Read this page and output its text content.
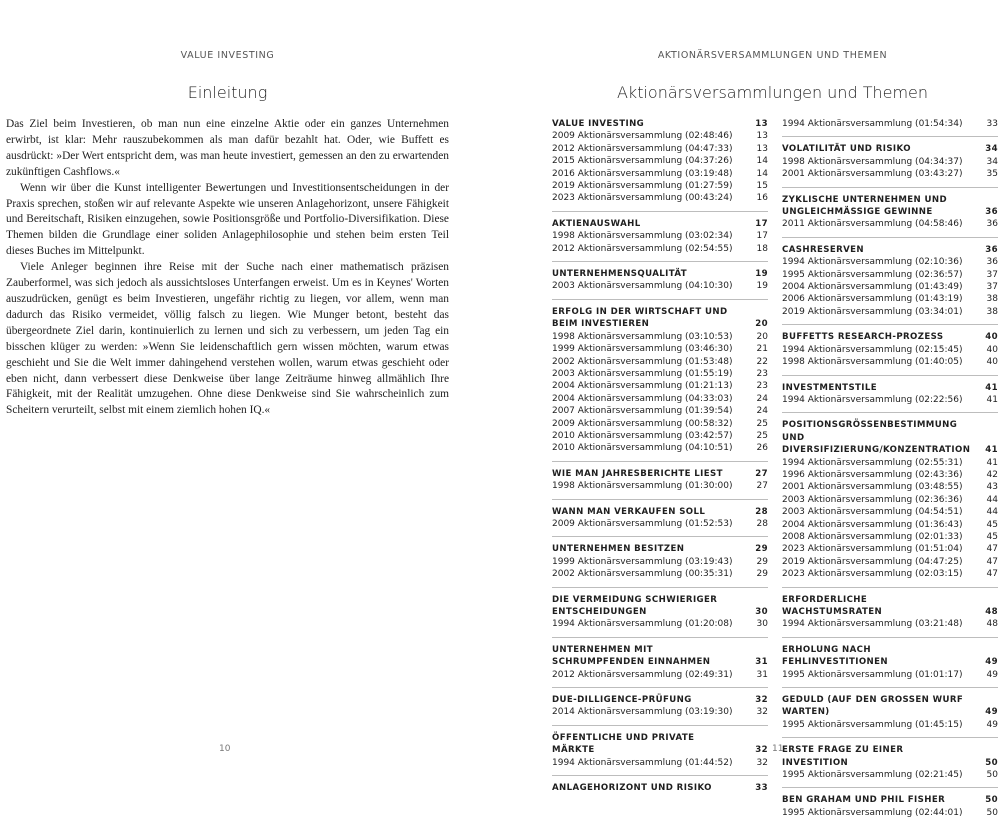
VALUE INVESTING
Einleitung

Das Ziel beim Investieren, ob man nun eine einzelne Aktie oder ein ganzes Unternehmen erwirbt, ist klar: Mehr rauszubekommen als man dafür bezahlt hat. Oder, wie Buffett es ausdrückt: »Der Wert entspricht dem, was man heute investiert, gemessen an den zu erwartenden zukünftigen Cashflows.«

Wenn wir über die Kunst intelligenter Bewertungen und Investitionsentscheidungen in der Praxis sprechen, stoßen wir auf relevante Aspekte wie unseren Anlagehorizont, unsere Fähigkeit und Bereitschaft, Risiken einzugehen, sowie Positionsgröße und Portfolio-Diversifikation. Diese Themen bilden die Grundlage einer soliden Anlagephilosophie und stehen beim ersten Teil dieses Buches im Mittelpunkt.

Viele Anleger beginnen ihre Reise mit der Suche nach einer mathematisch präzisen Zauberformel, was sich jedoch als aussichtsloses Unterfangen erweist. Um es in Keynes' Worten auszudrücken, genügt es beim Investieren, ungefähr richtig zu liegen, vor allem, wenn man dadurch das Risiko vermeidet, völlig falsch zu liegen. Wie Munger betont, besteht das übergeordnete Ziel darin, kontinuierlich zu lernen und sich zu verbessern, um jeden Tag ein bisschen klüger zu werden: »Wenn Sie leidenschaftlich gern wissen möchten, warum etwas geschieht und Sie die Welt immer dahingehend verstehen wollen, warum etwas geschieht oder eben nicht, dann verbessert diese Denkweise über lange Zeiträume hinweg allmählich Ihre Fähigkeit, mit der Realität umzugehen. Ohne diese Denkweise sind Sie wahrscheinlich zum Scheitern verurteilt, selbst mit einem ziemlich hohen IQ.«

10
AKTIONÄRSVERSAMMLUNGEN UND THEMEN
Aktionärsversammlungen und Themen
VALUE INVESTING	13
2009 Aktionärsversammlung (02:48:46)	13
2012 Aktionärsversammlung (04:47:33)	13
2015 Aktionärsversammlung (04:37:26)	14
2016 Aktionärsversammlung (03:19:48)	14
2019 Aktionärsversammlung (01:27:59)	15
2023 Aktionärsversammlung (00:43:24)	16
AKTIENAUSWAHL	17
1998 Aktionärsversammlung (03:02:34)	17
2012 Aktionärsversammlung (02:54:55)	18
UNTERNEHMENSQUALITÄT	19
2003 Aktionärsversammlung (04:10:30)	19
ERFOLG IN DER WIRTSCHAFT UND BEIM INVESTIEREN	20
1998 Aktionärsversammlung (03:10:53)	20
1999 Aktionärsversammlung (03:46:30)	21
2002 Aktionärsversammlung (01:53:48)	22
2003 Aktionärsversammlung (01:55:19)	23
2004 Aktionärsversammlung (01:21:13)	23
2004 Aktionärsversammlung (04:33:03)	24
2007 Aktionärsversammlung (01:39:54)	24
2009 Aktionärsversammlung (00:58:32)	25
2010 Aktionärsversammlung (03:42:57)	25
2010 Aktionärsversammlung (04:10:51)	26
WIE MAN JAHRESBERICHTE LIEST	27
1998 Aktionärsversammlung (01:30:00)	27
WANN MAN VERKAUFEN SOLL	28
2009 Aktionärsversammlung (01:52:53)	28
UNTERNEHMEN BESITZEN	29
1999 Aktionärsversammlung (03:19:43)	29
2002 Aktionärsversammlung (00:35:31)	29
DIE VERMEIDUNG SCHWIERIGER ENTSCHEIDUNGEN	30
1994 Aktionärsversammlung (01:20:08)	30
UNTERNEHMEN MIT SCHRUMPFENDEN EINNAHMEN	31
2012 Aktionärsversammlung (02:49:31)	31
DUE-DILLIGENCE-PRÜFUNG	32
2014 Aktionärsversammlung (03:19:30)	32
ÖFFENTLICHE UND PRIVATE MÄRKTE	32
1994 Aktionärsversammlung (01:44:52)	32
ANLAGEHORIZONT UND RISIKO	33
1994 Aktionärsversammlung (01:54:34)	33
VOLATILITÄT UND RISIKO	34
1998 Aktionärsversammlung (04:34:37)	34
2001 Aktionärsversammlung (03:43:27)	35
ZYKLISCHE UNTERNEHMEN UND UNGLEICHMÄSSIGE GEWINNE	36
2011 Aktionärsversammlung (04:58:46)	36
CASHRESERVEN	36
1994 Aktionärsversammlung (02:10:36)	36
1995 Aktionärsversammlung (02:36:57)	37
2004 Aktionärsversammlung (01:43:49)	37
2006 Aktionärsversammlung (01:43:19)	38
2019 Aktionärsversammlung (03:34:01)	38
BUFFETTS RESEARCH-PROZESS	40
1994 Aktionärsversammlung (02:15:45)	40
1998 Aktionärsversammlung (01:40:05)	40
INVESTMENTSTILE	41
1994 Aktionärsversammlung (02:22:56)	41
POSITIONSGRÖSSENBESTIMMUNG UND DIVERSIFIZIERUNG/KONZENTRATION	41
1994 Aktionärsversammlung (02:55:31)	41
1996 Aktionärsversammlung (02:43:36)	42
2001 Aktionärsversammlung (03:48:55)	43
2003 Aktionärsversammlung (02:36:36)	44
2003 Aktionärsversammlung (04:54:51)	44
2004 Aktionärsversammlung (01:36:43)	45
2008 Aktionärsversammlung (02:01:33)	45
2023 Aktionärsversammlung (01:51:04)	47
2019 Aktionärsversammlung (04:47:25)	47
2023 Aktionärsversammlung (02:03:15)	47
ERFORDERLICHE WACHSTUMSRATEN	48
1994 Aktionärsversammlung (03:21:48)	48
ERHOLUNG NACH FEHLINVESTITIONEN	49
1995 Aktionärsversammlung (01:01:17)	49
GEDULD (AUF DEN GROSSEN WURF WARTEN)	49
1995 Aktionärsversammlung (01:45:15)	49
ERSTE FRAGE ZU EINER INVESTITION	50
1995 Aktionärsversammlung (02:21:45)	50
BEN GRAHAM UND PHIL FISHER	50
1995 Aktionärsversammlung (02:44:01)	50
11
